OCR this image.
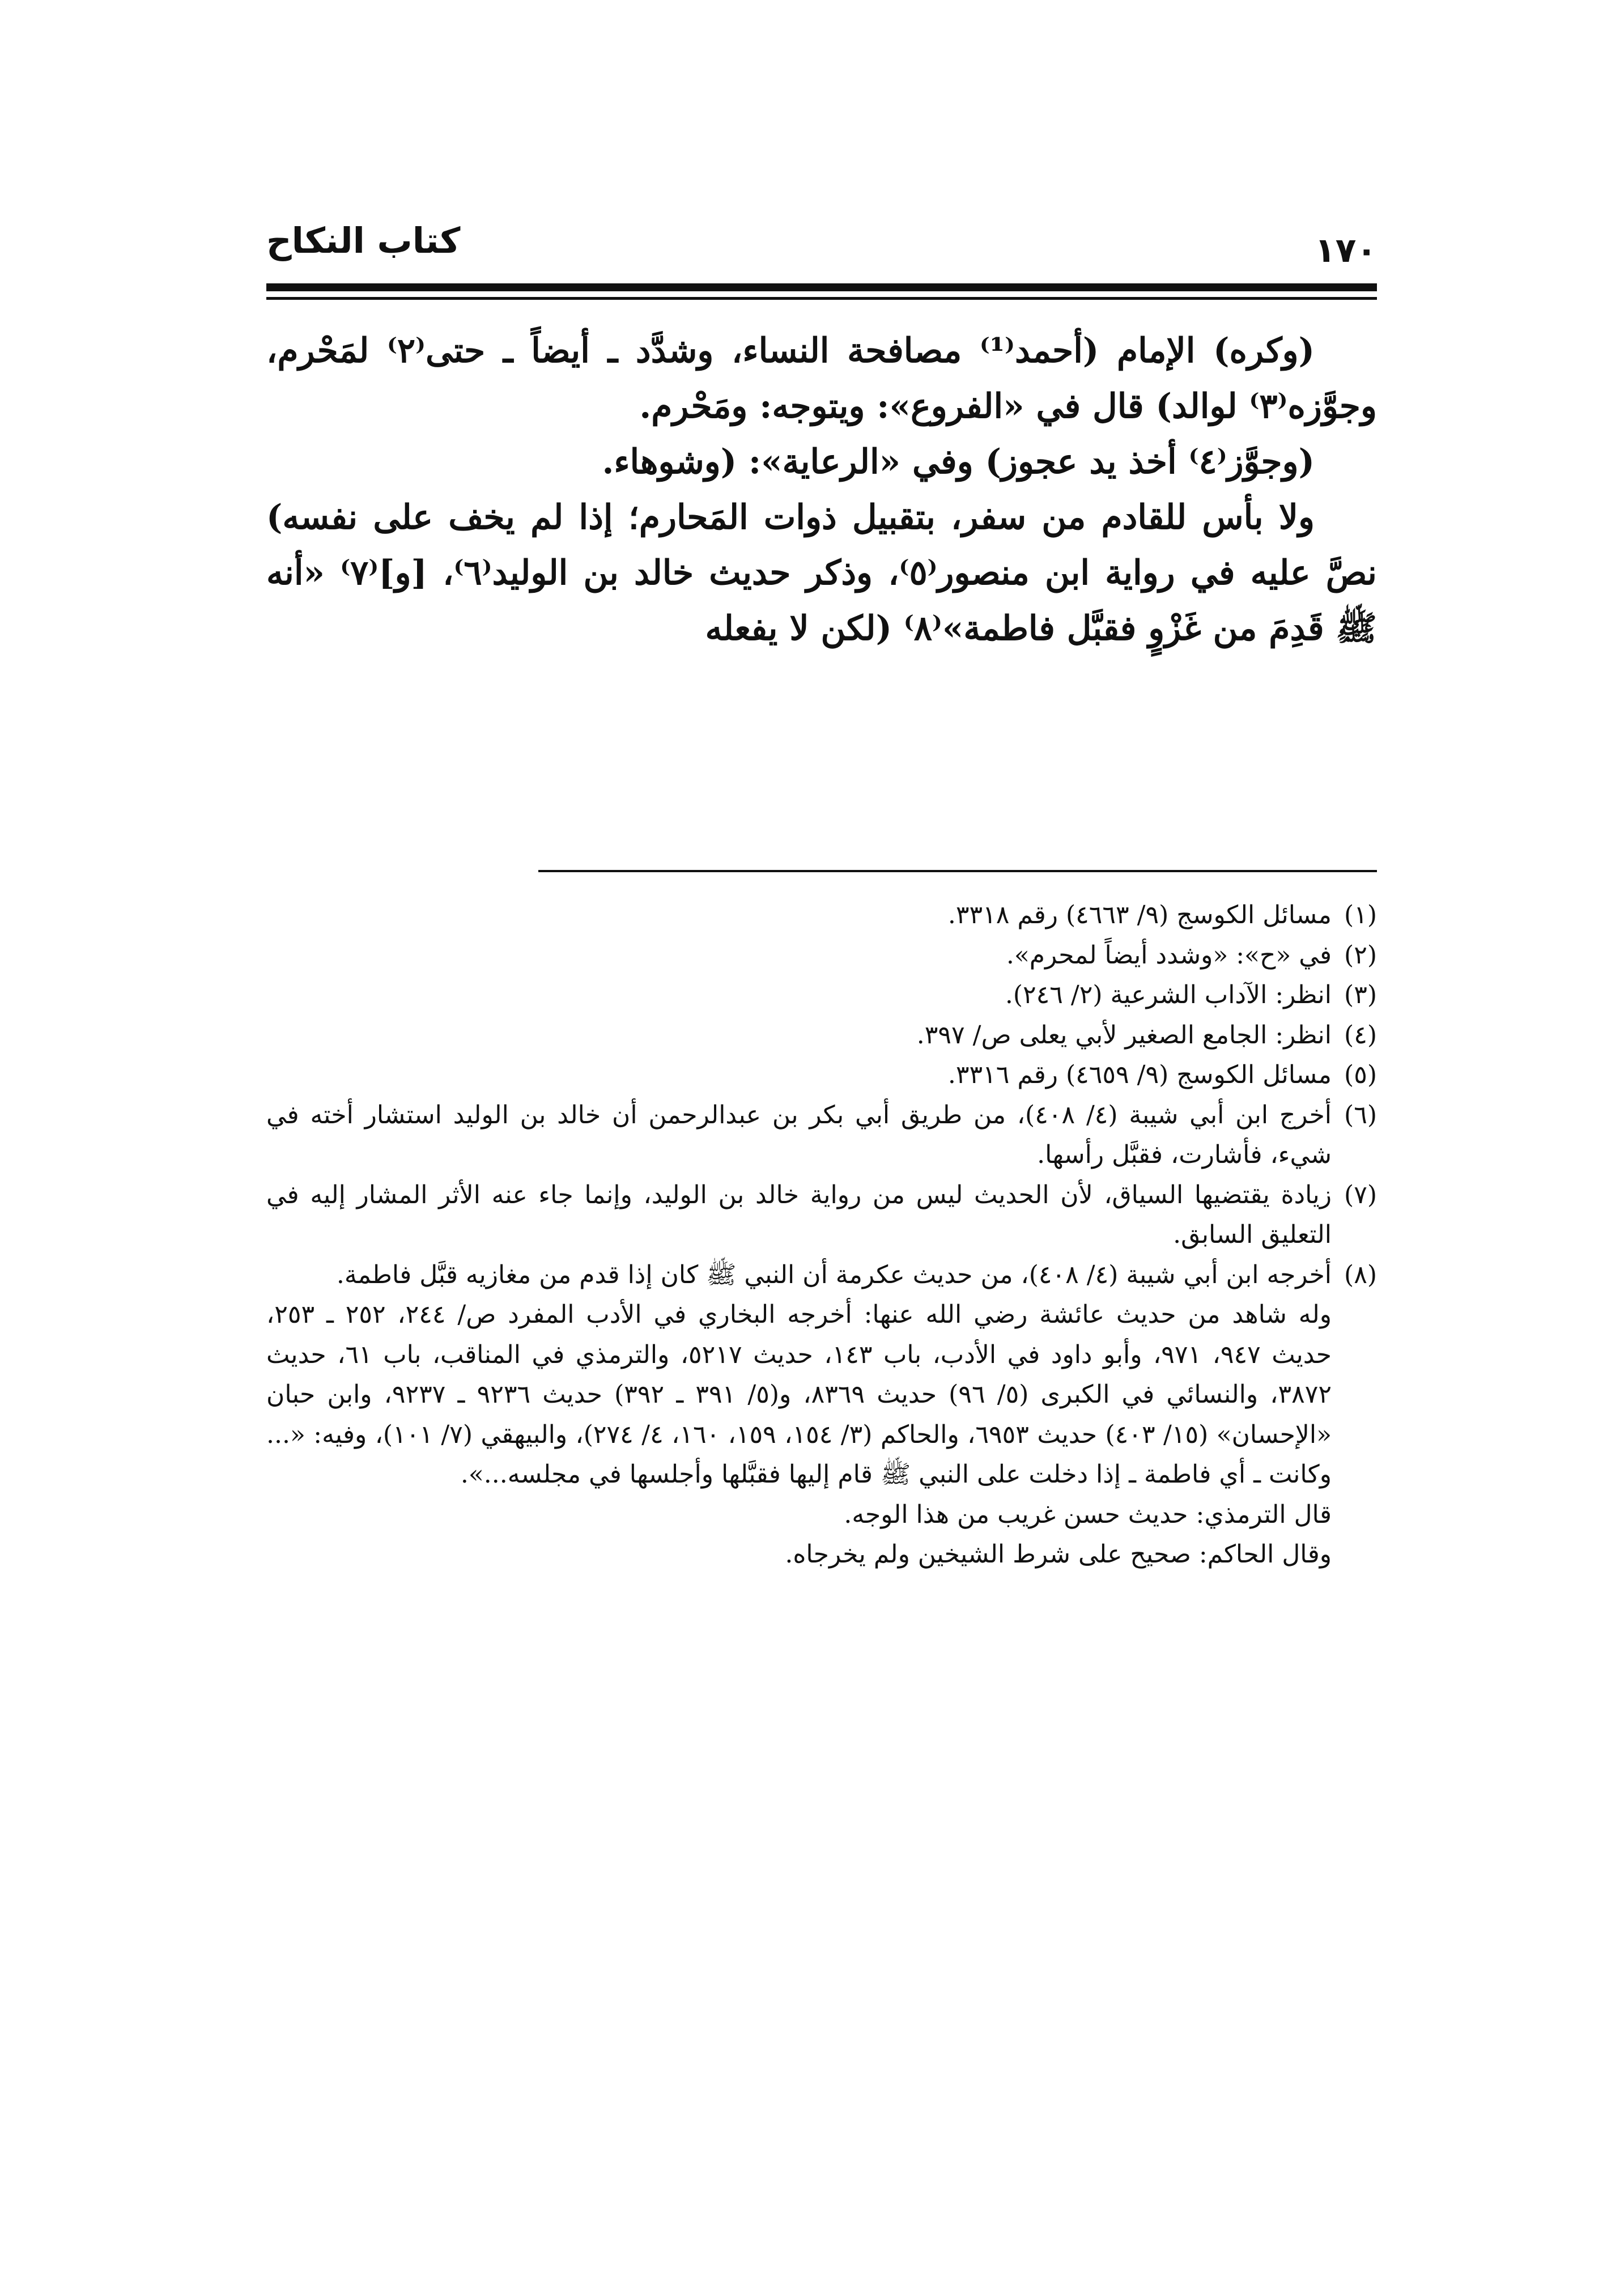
كتاب النكاح	١٧٠

(وكره) الإمام (أحمد⁽¹⁾ مصافحة النساء، وشدَّد ـ أيضاً ـ حتى⁽٢⁾ لمَحْرم، وجوَّزه⁽٣⁾ لوالد) قال في «الفروع»: ويتوجه: ومَحْرم.

(وجوَّز⁽٤⁾ أخذ يد عجوز) وفي «الرعاية»: (وشوهاء.

ولا بأس للقادم من سفر، بتقبيل ذوات المَحارم؛ إذا لم يخف على نفسه) نصَّ عليه في رواية ابن منصور⁽٥⁾، وذكر حديث خالد بن الوليد⁽٦⁾، [و]⁽٧⁾ «أنه ﷺ قَدِمَ من غَزْوٍ فقبَّل فاطمة»⁽٨⁾ (لكن لا يفعله

(١)
مسائل الكوسج (٩/ ٤٦٦٣) رقم ٣٣١٨.
(٢)
في «ح»: «وشدد أيضاً لمحرم».
(٣)
انظر: الآداب الشرعية (٢/ ٢٤٦).
(٤)
انظر: الجامع الصغير لأبي يعلى ص/ ٣٩٧.
(٥)
مسائل الكوسج (٩/ ٤٦٥٩) رقم ٣٣١٦.
(٦)
أخرج ابن أبي شيبة (٤/ ٤٠٨)، من طريق أبي بكر بن عبدالرحمن أن خالد بن الوليد استشار أخته في شيء، فأشارت، فقبَّل رأسها.
(٧)
زيادة يقتضيها السياق، لأن الحديث ليس من رواية خالد بن الوليد، وإنما جاء عنه الأثر المشار إليه في التعليق السابق.
(٨)
أخرجه ابن أبي شيبة (٤/ ٤٠٨)، من حديث عكرمة أن النبي ﷺ كان إذا قدم من مغازيه قبَّل فاطمة.

وله شاهد من حديث عائشة رضي الله عنها: أخرجه البخاري في الأدب المفرد ص/ ٢٤٤، ٢٥٢ ـ ٢٥٣، حديث ٩٤٧، ٩٧١، وأبو داود في الأدب، باب ١٤٣، حديث ٥٢١٧، والترمذي في المناقب، باب ٦١، حديث ٣٨٧٢، والنسائي في الكبرى (٥/ ٩٦) حديث ٨٣٦٩، و(٥/ ٣٩١ ـ ٣٩٢) حديث ٩٢٣٦ ـ ٩٢٣٧، وابن حبان «الإحسان» (١٥/ ٤٠٣) حديث ٦٩٥٣، والحاكم (٣/ ١٥٤، ١٥٩، ١٦٠، ٤/ ٢٧٤)، والبيهقي (٧/ ١٠١)، وفيه: «... وكانت ـ أي فاطمة ـ إذا دخلت على النبي ﷺ قام إليها فقبَّلها وأجلسها في مجلسه...».

قال الترمذي: حديث حسن غريب من هذا الوجه.

وقال الحاكم: صحيح على شرط الشيخين ولم يخرجاه.
